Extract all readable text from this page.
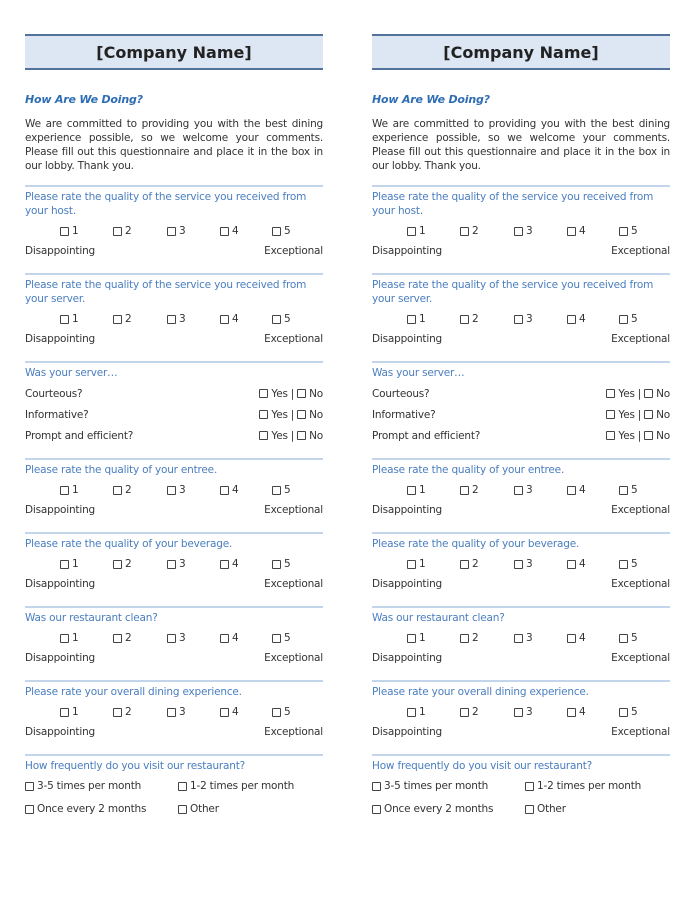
[Company Name]
How Are We Doing?
We are committed to providing you with the best dining experience possible, so we welcome your comments. Please fill out this questionnaire and place it in the box in our lobby. Thank you.
Please rate the quality of the service you received from your host.
1	2	3	4	5
Disappointing	Exceptional
Please rate the quality of the service you received from your server.
1	2	3	4	5
Disappointing	Exceptional
Was your server…
Courteous?	Yes | No
Informative?	Yes | No
Prompt and efficient?	Yes | No
Please rate the quality of your entree.
1	2	3	4	5
Disappointing	Exceptional
Please rate the quality of your beverage.
1	2	3	4	5
Disappointing	Exceptional
Was our restaurant clean?
1	2	3	4	5
Disappointing	Exceptional
Please rate your overall dining experience.
1	2	3	4	5
Disappointing	Exceptional
How frequently do you visit our restaurant?
3-5 times per month	1-2 times per month
Once every 2 months	Other
[Company Name]
How Are We Doing?
We are committed to providing you with the best dining experience possible, so we welcome your comments. Please fill out this questionnaire and place it in the box in our lobby. Thank you.
Please rate the quality of the service you received from your host.
1	2	3	4	5
Disappointing	Exceptional
Please rate the quality of the service you received from your server.
1	2	3	4	5
Disappointing	Exceptional
Was your server…
Courteous?	Yes | No
Informative?	Yes | No
Prompt and efficient?	Yes | No
Please rate the quality of your entree.
1	2	3	4	5
Disappointing	Exceptional
Please rate the quality of your beverage.
1	2	3	4	5
Disappointing	Exceptional
Was our restaurant clean?
1	2	3	4	5
Disappointing	Exceptional
Please rate your overall dining experience.
1	2	3	4	5
Disappointing	Exceptional
How frequently do you visit our restaurant?
3-5 times per month	1-2 times per month
Once every 2 months	Other
